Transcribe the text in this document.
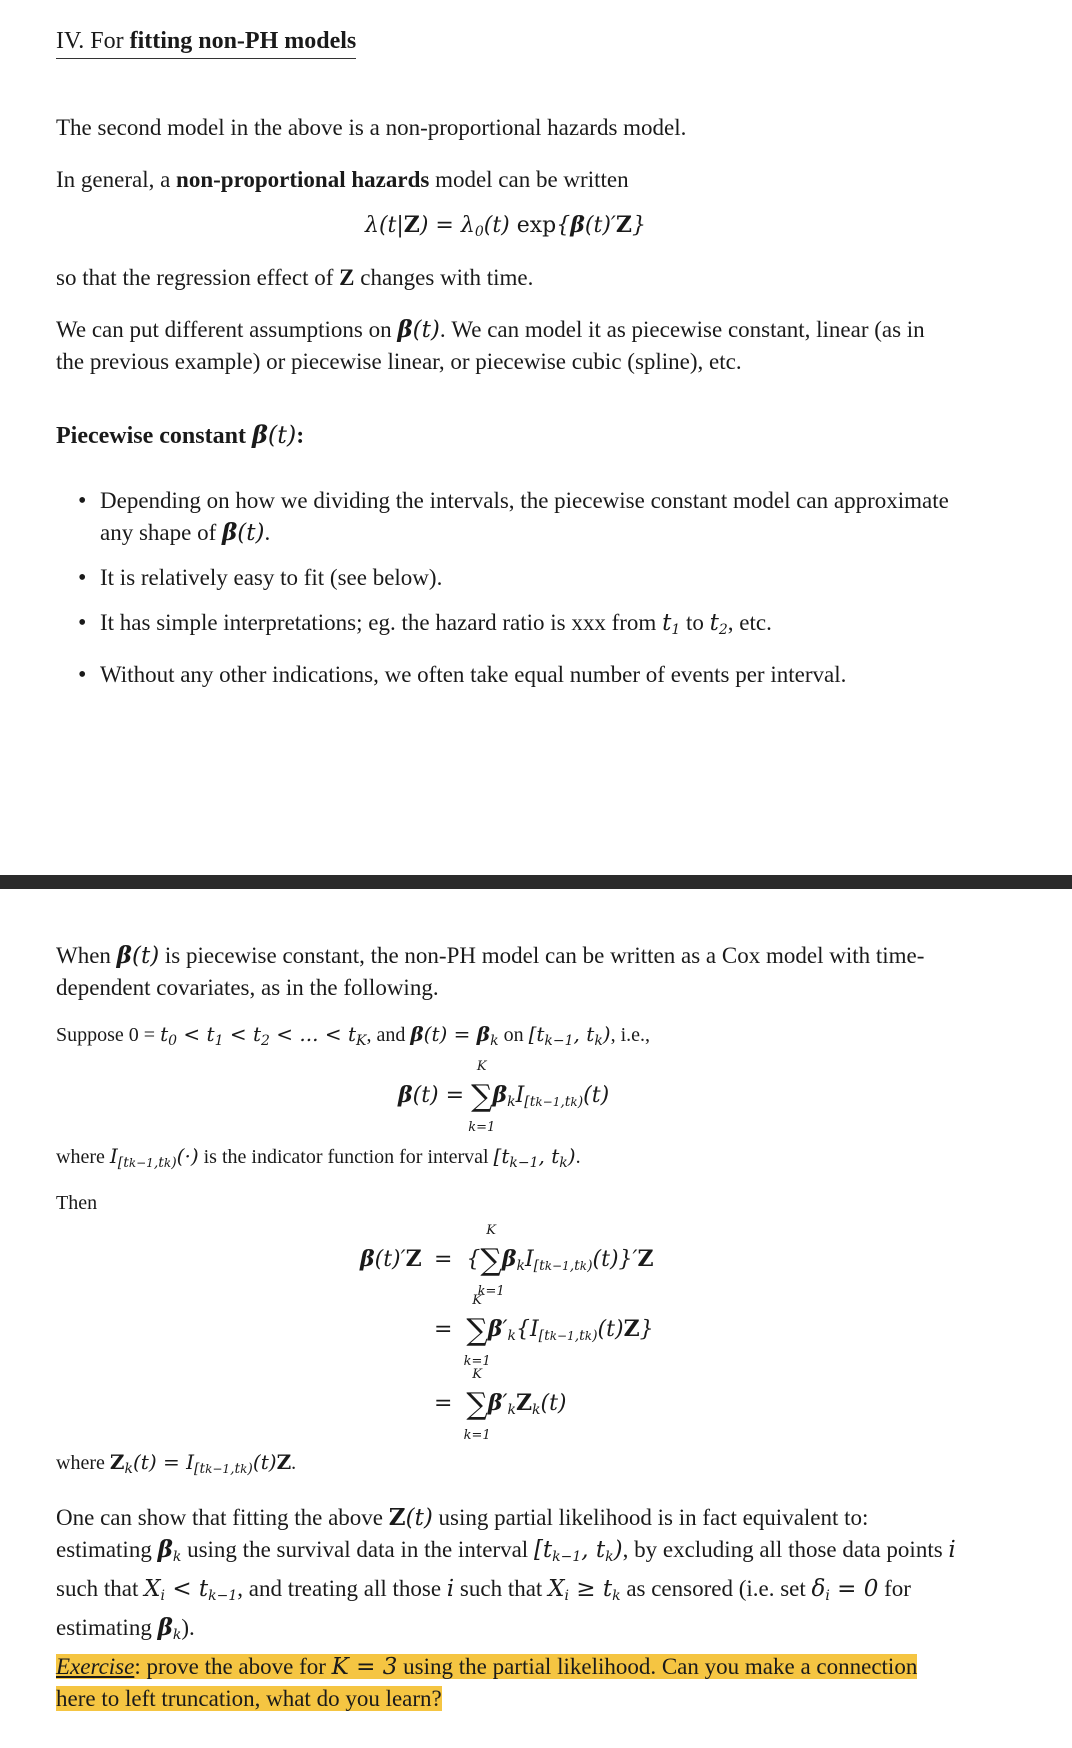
IV. For fitting non-PH models
The second model in the above is a non-proportional hazards model.
In general, a non-proportional hazards model can be written
$\lambda(t|Z) = \lambda_0(t)$ exp{β(t)′Z}
so that the regression effect of Z changes with time.
We can put different assumptions on β(t). We can model it as piecewise constant, linear (as in the previous example) or piecewise linear, or piecewise cubic (spline), etc.
Piecewise constant β(t):
• Depending on how we dividing the intervals, the piecewise constant model can approximate any shape of β(t).
• It is relatively easy to fit (see below).
• It has simple interpretations; eg. the hazard ratio is xxx from $t_1$ to $t_2$, etc.
• Without any other indications, we often take equal number of events per interval.
When β(t) is piecewise constant, the non-PH model can be written as a Cox model with time-dependent covariates, as in the following.
Suppose $0 = t_0 < t_1 < t_2$ < ... < $t_K$, and $\beta(t) = \beta_k$ on [$t_{k-1}$, $t_k$), i.e.,
β(t) = ∑
K
k=1
$\beta_kI_{[tk-1,tk)}(t)$
where $I_{[tk-1,tk)}(\cdot)$ is the indicator function for interval [$t_{k-1}$, $t_k$).
Then
β(t)′Z =  {∑
K
k=1
$\beta_kI_{[tk-1,tk)}(t)\}'Z$
=  ∑
K
k=1
$\beta'_k\{I_{[tk-1,tk)}(t)Z\}$
=  ∑
K
k=1
$\beta'_kZ_k(t)$
where $Z_k(t) = I_{[tk-1,tk)}(t)Z$.
One can show that fitting the above Z(t) using partial likelihood is in fact equivalent to: estimating $\beta_k$ using the survival data in the interval [$t_{k-1}$, $t_k$), by excluding all those data points i such that $X_i < t_{k-1}$, and treating all those i such that $X_i \ge t_k$ as censored (i.e. set $\delta_i = 0$ for estimating $\beta_k$).
Exercise: prove the above for K = 3 using the partial likelihood. Can you make a connection here to left truncation, what do you learn?
